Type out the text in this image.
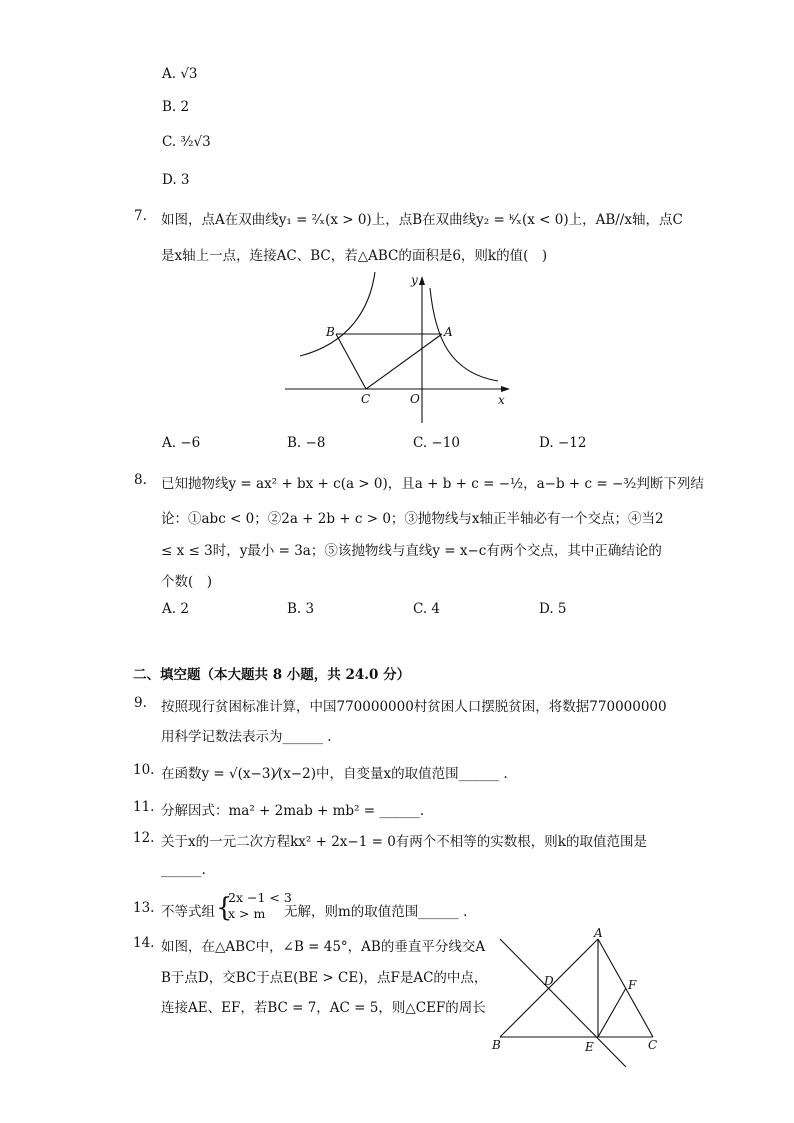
A. √3
B. 2
C. ³⁄₂√3
D. 3
7. 如图，点A在双曲线y₁ = ²⁄ₓ(x > 0)上，点B在双曲线y₂ = ᵏ⁄ₓ(x < 0)上，AB//x轴，点C
是x轴上一点，连接AC、BC，若△ABC的面积是6，则k的值(　)
y
x
B	A
C	O
A. −6	B. −8	C. −10	D. −12
8. 已知抛物线y = ax² + bx + c(a > 0)，且a + b + c = −½，a−b + c = −³⁄₂判断下列结
论：①abc < 0；②2a + 2b + c > 0；③抛物线与x轴正半轴必有一个交点；④当2
≤ x ≤ 3时，y最小 = 3a；⑤该抛物线与直线y = x−c有两个交点，其中正确结论的
个数(　)
A. 2	B. 3	C. 4	D. 5
二、填空题（本大题共 8 小题，共 24.0 分）
9. 按照现行贫困标准计算，中国770000000村贫困人口摆脱贫困，将数据770000000
用科学记数法表示为______ .
10. 在函数y = √(x−3)⁄(x−2)中，自变量x的取值范围______ .
11. 分解因式：ma² + 2mab + mb² = ______.
12. 关于x的一元二次方程kx² + 2x−1 = 0有两个不相等的实数根，则k的取值范围是
______.
13. 不等式组 {
2x −1 < 3
x > m 无解，则m的取值范围______ .
14. 如图，在△ABC中，∠B = 45°，AB的垂直平分线交A
B于点D，交BC于点E(BE > CE)，点F是AC的中点，
连接AE、EF，若BC = 7，AC = 5，则△CEF的周长
A
B	C
D
E
F
